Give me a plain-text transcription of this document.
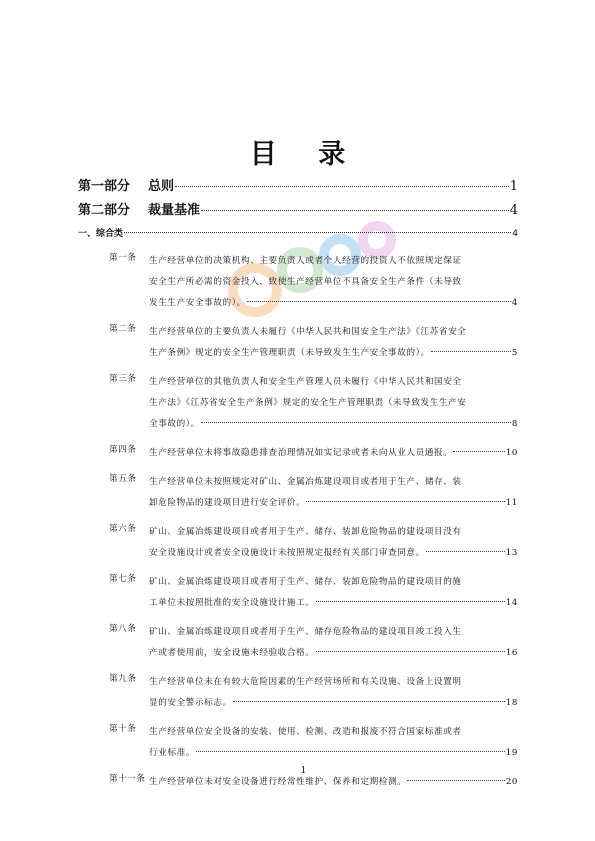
目 录
第一部分 总则	1
第二部分 裁量基准	4
一、综合类	4
第一条	生产经营单位的决策机构、主要负责人或者个人经营的投资人不依照规定保证
安全生产所必需的资金投入，致使生产经营单位不具备安全生产条件（未导致
发生生产安全事故的）。	4
第二条	生产经营单位的主要负责人未履行《中华人民共和国安全生产法》《江苏省安全
生产条例》规定的安全生产管理职责（未导致发生生产安全事故的）。	5
第三条	生产经营单位的其他负责人和安全生产管理人员未履行《中华人民共和国安全
生产法》《江苏省安全生产条例》规定的安全生产管理职责（未导致发生生产安
全事故的）。	8
第四条	生产经营单位未将事故隐患排查治理情况如实记录或者未向从业人员通报。	10
第五条	生产经营单位未按照规定对矿山、金属冶炼建设项目或者用于生产、储存、装
卸危险物品的建设项目进行安全评价。	11
第六条	矿山、金属冶炼建设项目或者用于生产、储存、装卸危险物品的建设项目没有
安全设施设计或者安全设施设计未按照规定报经有关部门审查同意。	13
第七条	矿山、金属冶炼建设项目或者用于生产、储存、装卸危险物品的建设项目的施
工单位未按照批准的安全设施设计施工。	14
第八条	矿山、金属冶炼建设项目或者用于生产、储存危险物品的建设项目竣工投入生
产或者使用前，安全设施未经验收合格。	16
第九条	生产经营单位未在有较大危险因素的生产经营场所和有关设施、设备上设置明
显的安全警示标志。	18
第十条	生产经营单位安全设备的安装、使用、检测、改造和报废不符合国家标准或者
行业标准。	19
第十一条 生产经营单位未对安全设备进行经常性维护、保养和定期检测。	20
1
